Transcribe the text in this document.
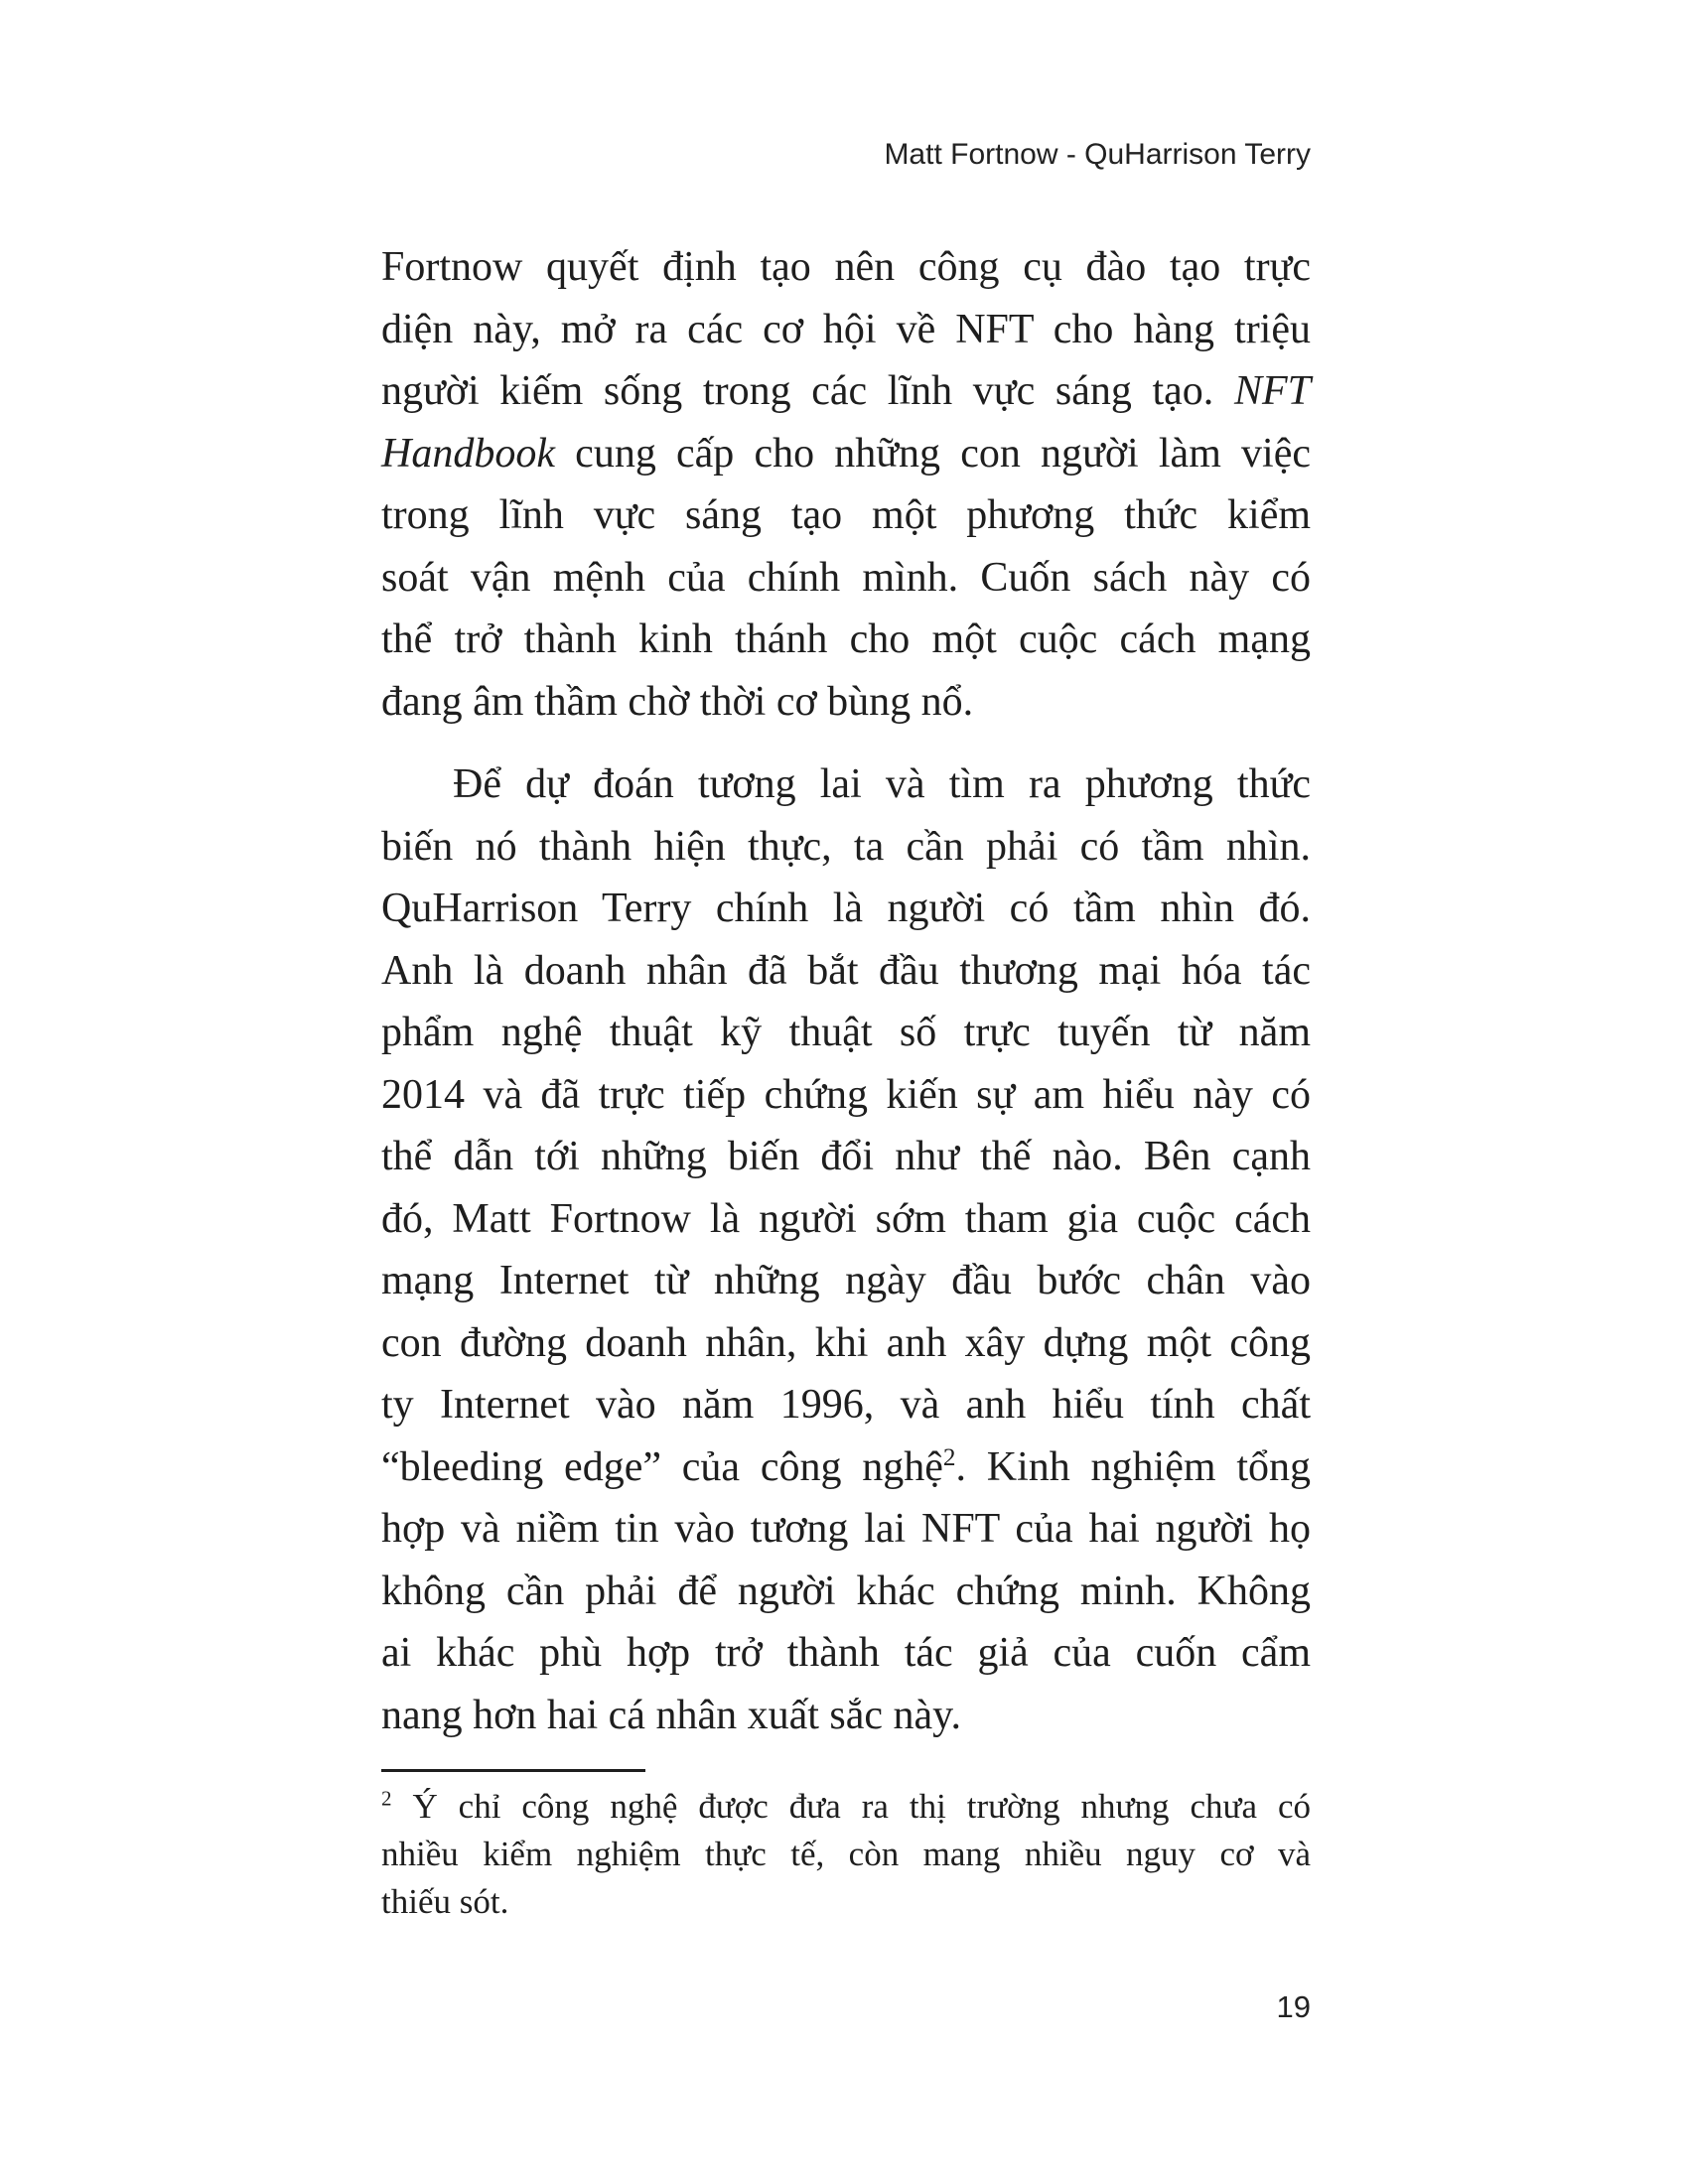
Matt Fortnow - QuHarrison Terry

Fortnow quyết định tạo nên công cụ đào tạo trực
diện này, mở ra các cơ hội về NFT cho hàng triệu
người kiếm sống trong các lĩnh vực sáng tạo. NFT
Handbook cung cấp cho những con người làm việc
trong lĩnh vực sáng tạo một phương thức kiểm
soát vận mệnh của chính mình. Cuốn sách này có
thể trở thành kinh thánh cho một cuộc cách mạng
đang âm thầm chờ thời cơ bùng nổ.

Để dự đoán tương lai và tìm ra phương thức
biến nó thành hiện thực, ta cần phải có tầm nhìn.
QuHarrison Terry chính là người có tầm nhìn đó.
Anh là doanh nhân đã bắt đầu thương mại hóa tác
phẩm nghệ thuật kỹ thuật số trực tuyến từ năm
2014 và đã trực tiếp chứng kiến sự am hiểu này có
thể dẫn tới những biến đổi như thế nào. Bên cạnh
đó, Matt Fortnow là người sớm tham gia cuộc cách
mạng Internet từ những ngày đầu bước chân vào
con đường doanh nhân, khi anh xây dựng một công
ty Internet vào năm 1996, và anh hiểu tính chất
“bleeding edge” của công nghệ$^2$. Kinh nghiệm tổng
hợp và niềm tin vào tương lai NFT của hai người họ
không cần phải để người khác chứng minh. Không
ai khác phù hợp trở thành tác giả của cuốn cẩm
nang hơn hai cá nhân xuất sắc này.

$^2$ Ý chỉ công nghệ được đưa ra thị trường nhưng chưa có
nhiều kiểm nghiệm thực tế, còn mang nhiều nguy cơ và
thiếu sót.

19
